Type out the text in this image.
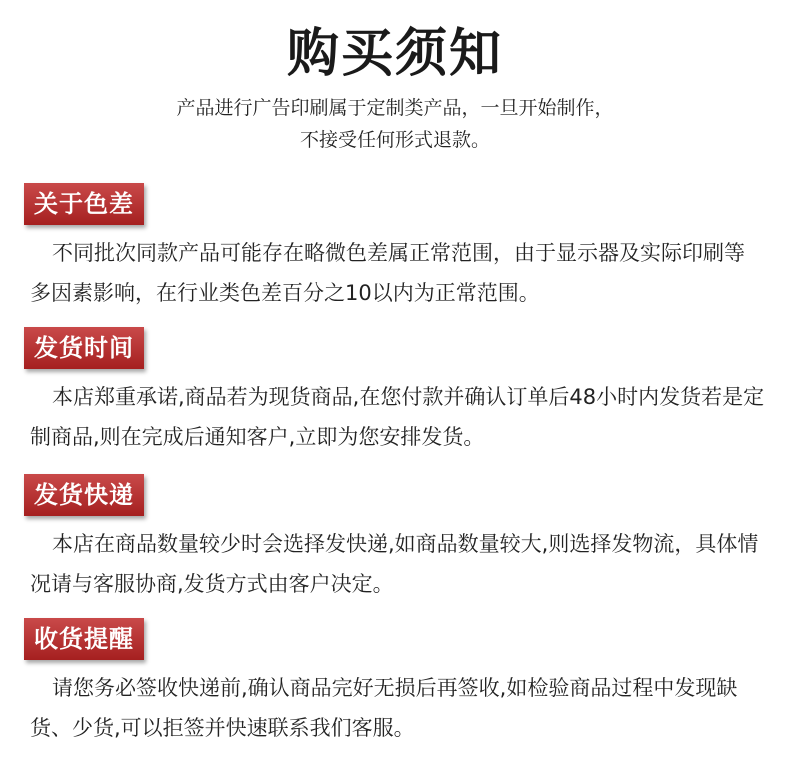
购买须知
产品进行广告印刷属于定制类产品，一旦开始制作，
不接受任何形式退款。
关于色差
不同批次同款产品可能存在略微色差属正常范围，由于显示器及实际印刷等多因素影响，在行业类色差百分之10以内为正常范围。
发货时间
本店郑重承诺,商品若为现货商品,在您付款并确认订单后48小时内发货若是定制商品,则在完成后通知客户,立即为您安排发货。
发货快递
本店在商品数量较少时会选择发快递,如商品数量较大,则选择发物流，具体情况请与客服协商,发货方式由客户决定。
收货提醒
请您务必签收快递前,确认商品完好无损后再签收,如检验商品过程中发现缺货、少货,可以拒签并快速联系我们客服。
